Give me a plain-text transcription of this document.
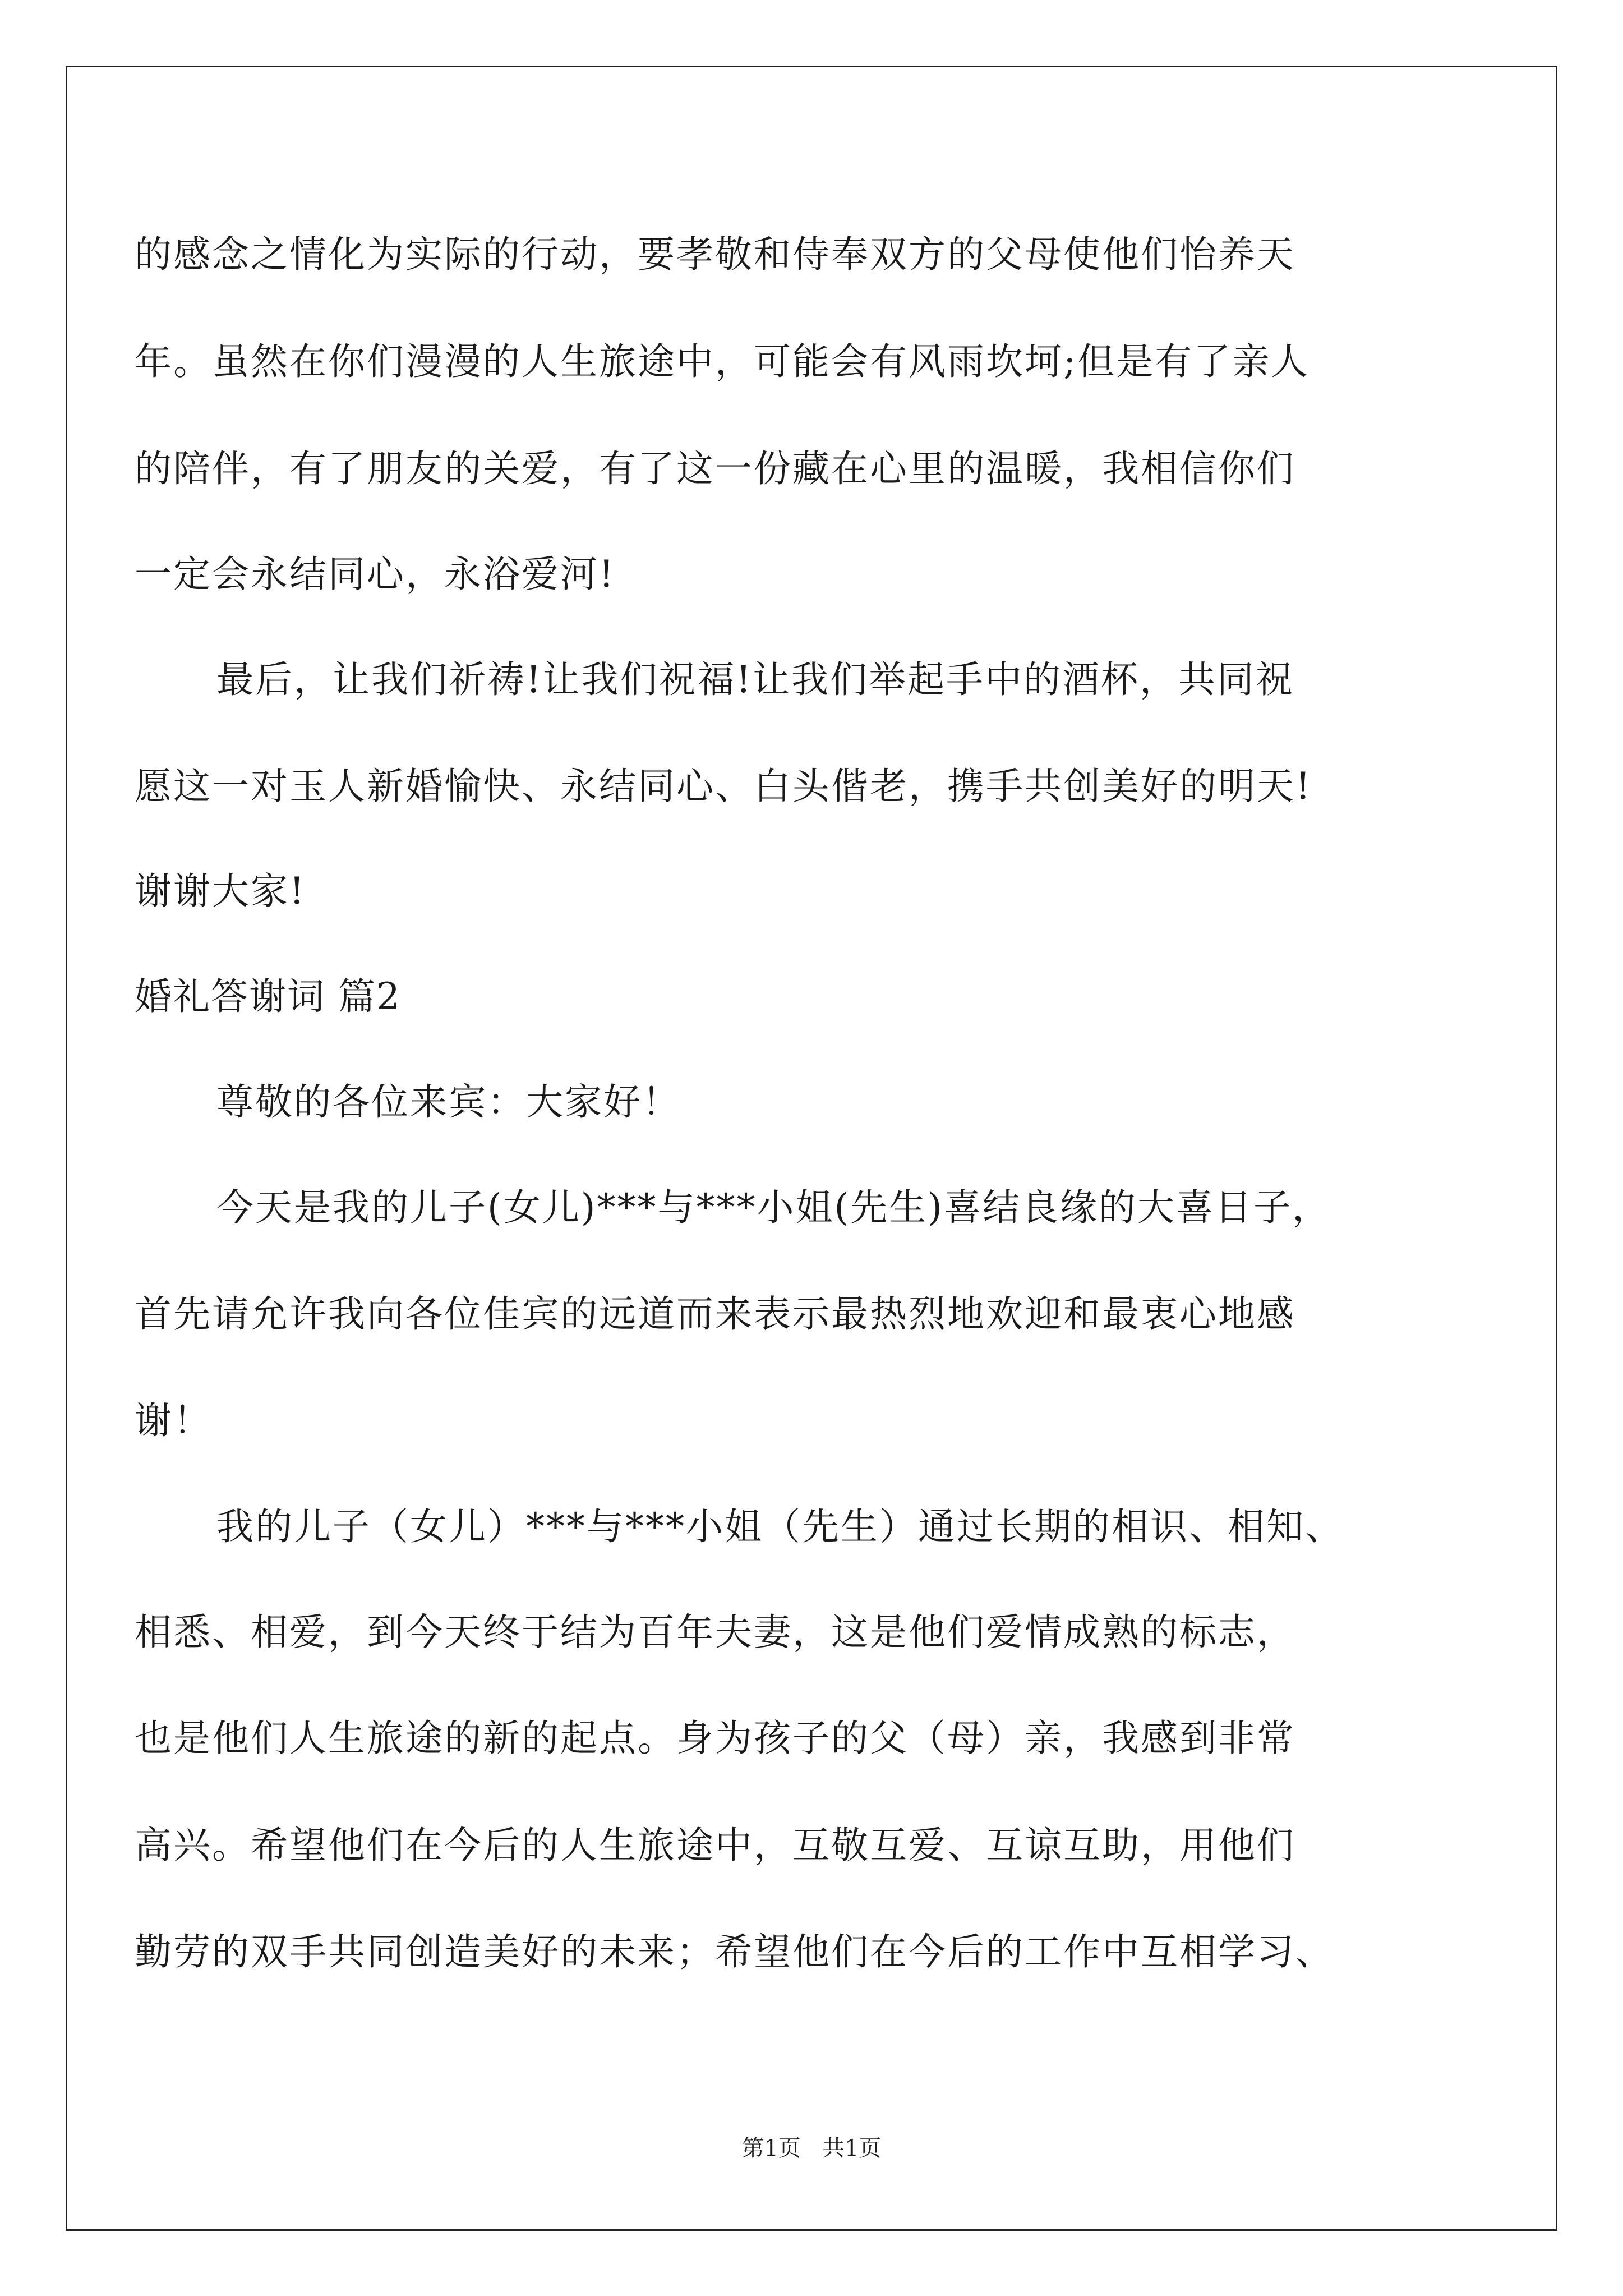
的感念之情化为实际的行动，要孝敬和侍奉双方的父母使他们怡养天
年。虽然在你们漫漫的人生旅途中，可能会有风雨坎坷;但是有了亲人
的陪伴，有了朋友的关爱，有了这一份藏在心里的温暖，我相信你们
一定会永结同心，永浴爱河!
最后，让我们祈祷!让我们祝福!让我们举起手中的酒杯，共同祝
愿这一对玉人新婚愉快、永结同心、白头偕老，携手共创美好的明天!
谢谢大家!
婚礼答谢词 篇2
尊敬的各位来宾：大家好！
今天是我的儿子(女儿)***与***小姐(先生)喜结良缘的大喜日子，
首先请允许我向各位佳宾的远道而来表示最热烈地欢迎和最衷心地感
谢！
我的儿子（女儿）***与***小姐（先生）通过长期的相识、相知、
相悉、相爱，到今天终于结为百年夫妻，这是他们爱情成熟的标志，
也是他们人生旅途的新的起点。身为孩子的父（母）亲，我感到非常
高兴。希望他们在今后的人生旅途中，互敬互爱、互谅互助，用他们
勤劳的双手共同创造美好的未来；希望他们在今后的工作中互相学习、
第1页   共1页
